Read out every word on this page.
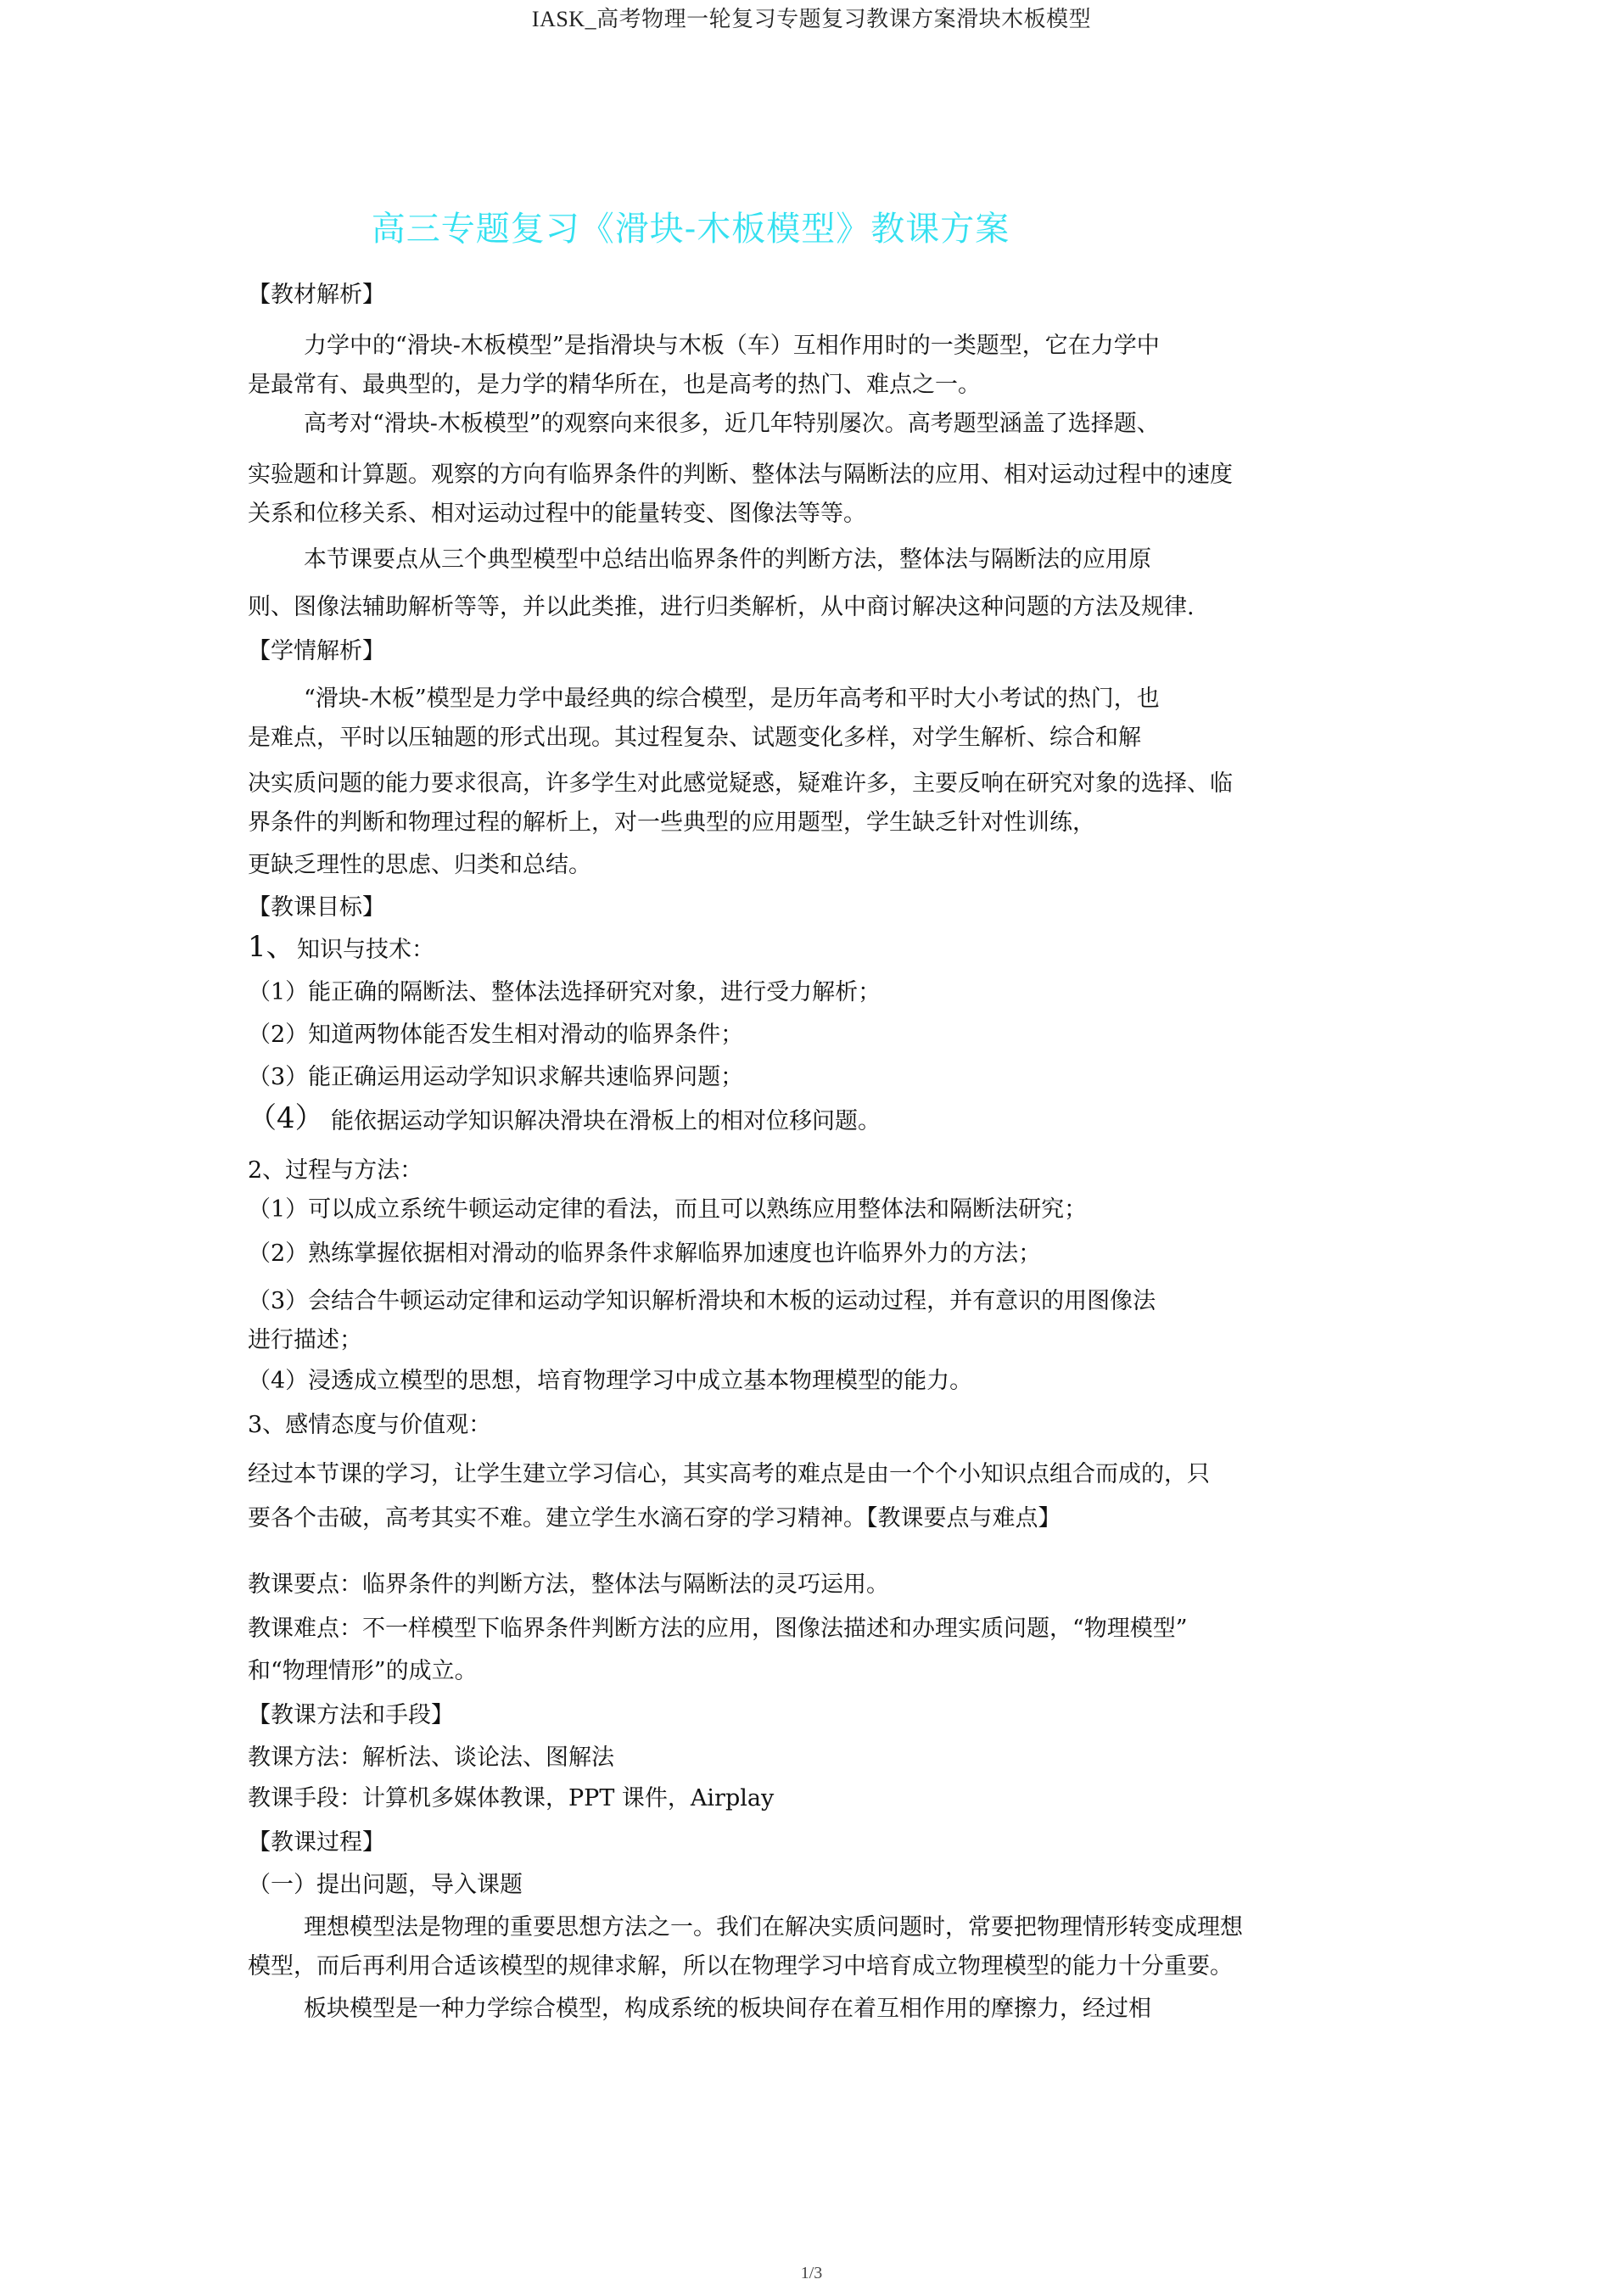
IASK_高考物理一轮复习专题复习教课方案滑块木板模型
高三专题复习《滑块-木板模型》教课方案
【教材解析】
力学中的“滑块-木板模型”是指滑块与木板（车）互相作用时的一类题型，它在力学中
是最常有、最典型的，是力学的精华所在，也是高考的热门、难点之一。
高考对“滑块-木板模型”的观察向来很多，近几年特别屡次。高考题型涵盖了选择题、
实验题和计算题。观察的方向有临界条件的判断、整体法与隔断法的应用、相对运动过程中的速度
关系和位移关系、相对运动过程中的能量转变、图像法等等。
本节课要点从三个典型模型中总结出临界条件的判断方法，整体法与隔断法的应用原
则、图像法辅助解析等等，并以此类推，进行归类解析，从中商讨解决这种问题的方法及规律.
【学情解析】
“滑块-木板”模型是力学中最经典的综合模型，是历年高考和平时大小考试的热门，也
是难点，平时以压轴题的形式出现。其过程复杂、试题变化多样，对学生解析、综合和解
决实质问题的能力要求很高，许多学生对此感觉疑惑，疑难许多，主要反响在研究对象的选择、临
界条件的判断和物理过程的解析上，对一些典型的应用题型，学生缺乏针对性训练，
更缺乏理性的思虑、归类和总结。
【教课目标】
1、 知识与技术：
（1）能正确的隔断法、整体法选择研究对象，进行受力解析；
（2）知道两物体能否发生相对滑动的临界条件；
（3）能正确运用运动学知识求解共速临界问题；
（4） 能依据运动学知识解决滑块在滑板上的相对位移问题。
2、过程与方法：
（1）可以成立系统牛顿运动定律的看法，而且可以熟练应用整体法和隔断法研究；
（2）熟练掌握依据相对滑动的临界条件求解临界加速度也许临界外力的方法；
（3）会结合牛顿运动定律和运动学知识解析滑块和木板的运动过程，并有意识的用图像法
进行描述；
（4）浸透成立模型的思想，培育物理学习中成立基本物理模型的能力。
3、感情态度与价值观：
经过本节课的学习，让学生建立学习信心，其实高考的难点是由一个个小知识点组合而成的，只
要各个击破，高考其实不难。建立学生水滴石穿的学习精神。【教课要点与难点】
教课要点：临界条件的判断方法，整体法与隔断法的灵巧运用。
教课难点：不一样模型下临界条件判断方法的应用，图像法描述和办理实质问题，“物理模型”
和“物理情形”的成立。
【教课方法和手段】
教课方法：解析法、谈论法、图解法
教课手段：计算机多媒体教课，PPT 课件，Airplay
【教课过程】
（一）提出问题，导入课题
理想模型法是物理的重要思想方法之一。我们在解决实质问题时，常要把物理情形转变成理想
模型，而后再利用合适该模型的规律求解，所以在物理学习中培育成立物理模型的能力十分重要。
板块模型是一种力学综合模型，构成系统的板块间存在着互相作用的摩擦力，经过相
1/3
